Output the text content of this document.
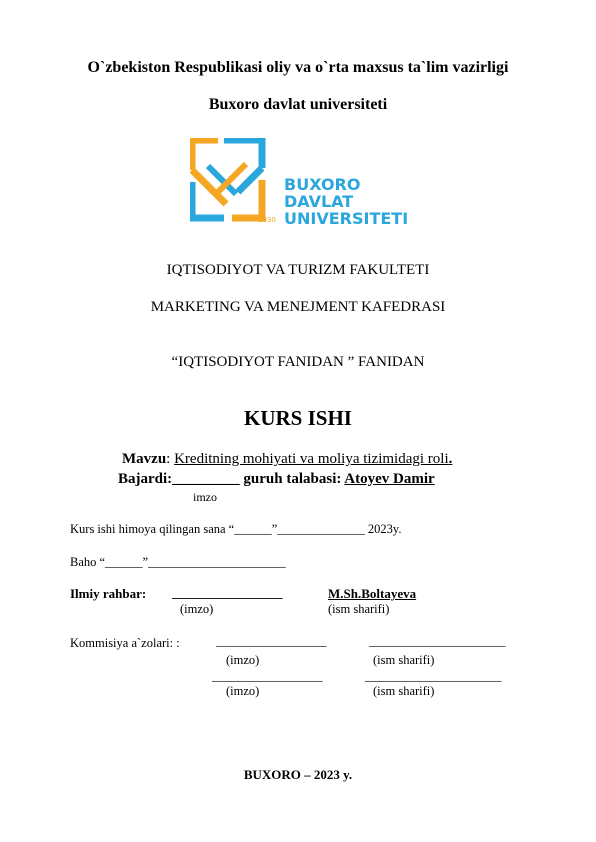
O`zbekiston Respublikasi oliy va o`rta maxsus ta`lim vazirligi
Buxoro davlat universiteti
BUXORO
DAVLAT
UNIVERSITETI
1930
IQTISODIYOT VA TURIZM FAKULTETI
MARKETING VA MENEJMENT KAFEDRASI
“IQTISODIYOT FANIDAN ” FANIDAN
KURS ISHI
Mavzu: Kreditning mohiyati va moliya tizimidagi roli.
Bajardi:_________ guruh talabasi: Atoyev Damir
imzo
Kurs ishi himoya qilingan sana “______”______________ 2023y.
Baho “______”______________________
Ilmiy rahbar: _________________	M.Sh.Boltayeva
(imzo)	(ism sharifi)
Kommisiya a`zolari: :	_________________	_____________________
(imzo)	(ism sharifi)
_________________	_____________________
(imzo)	(ism sharifi)
BUXORO – 2023 y.
